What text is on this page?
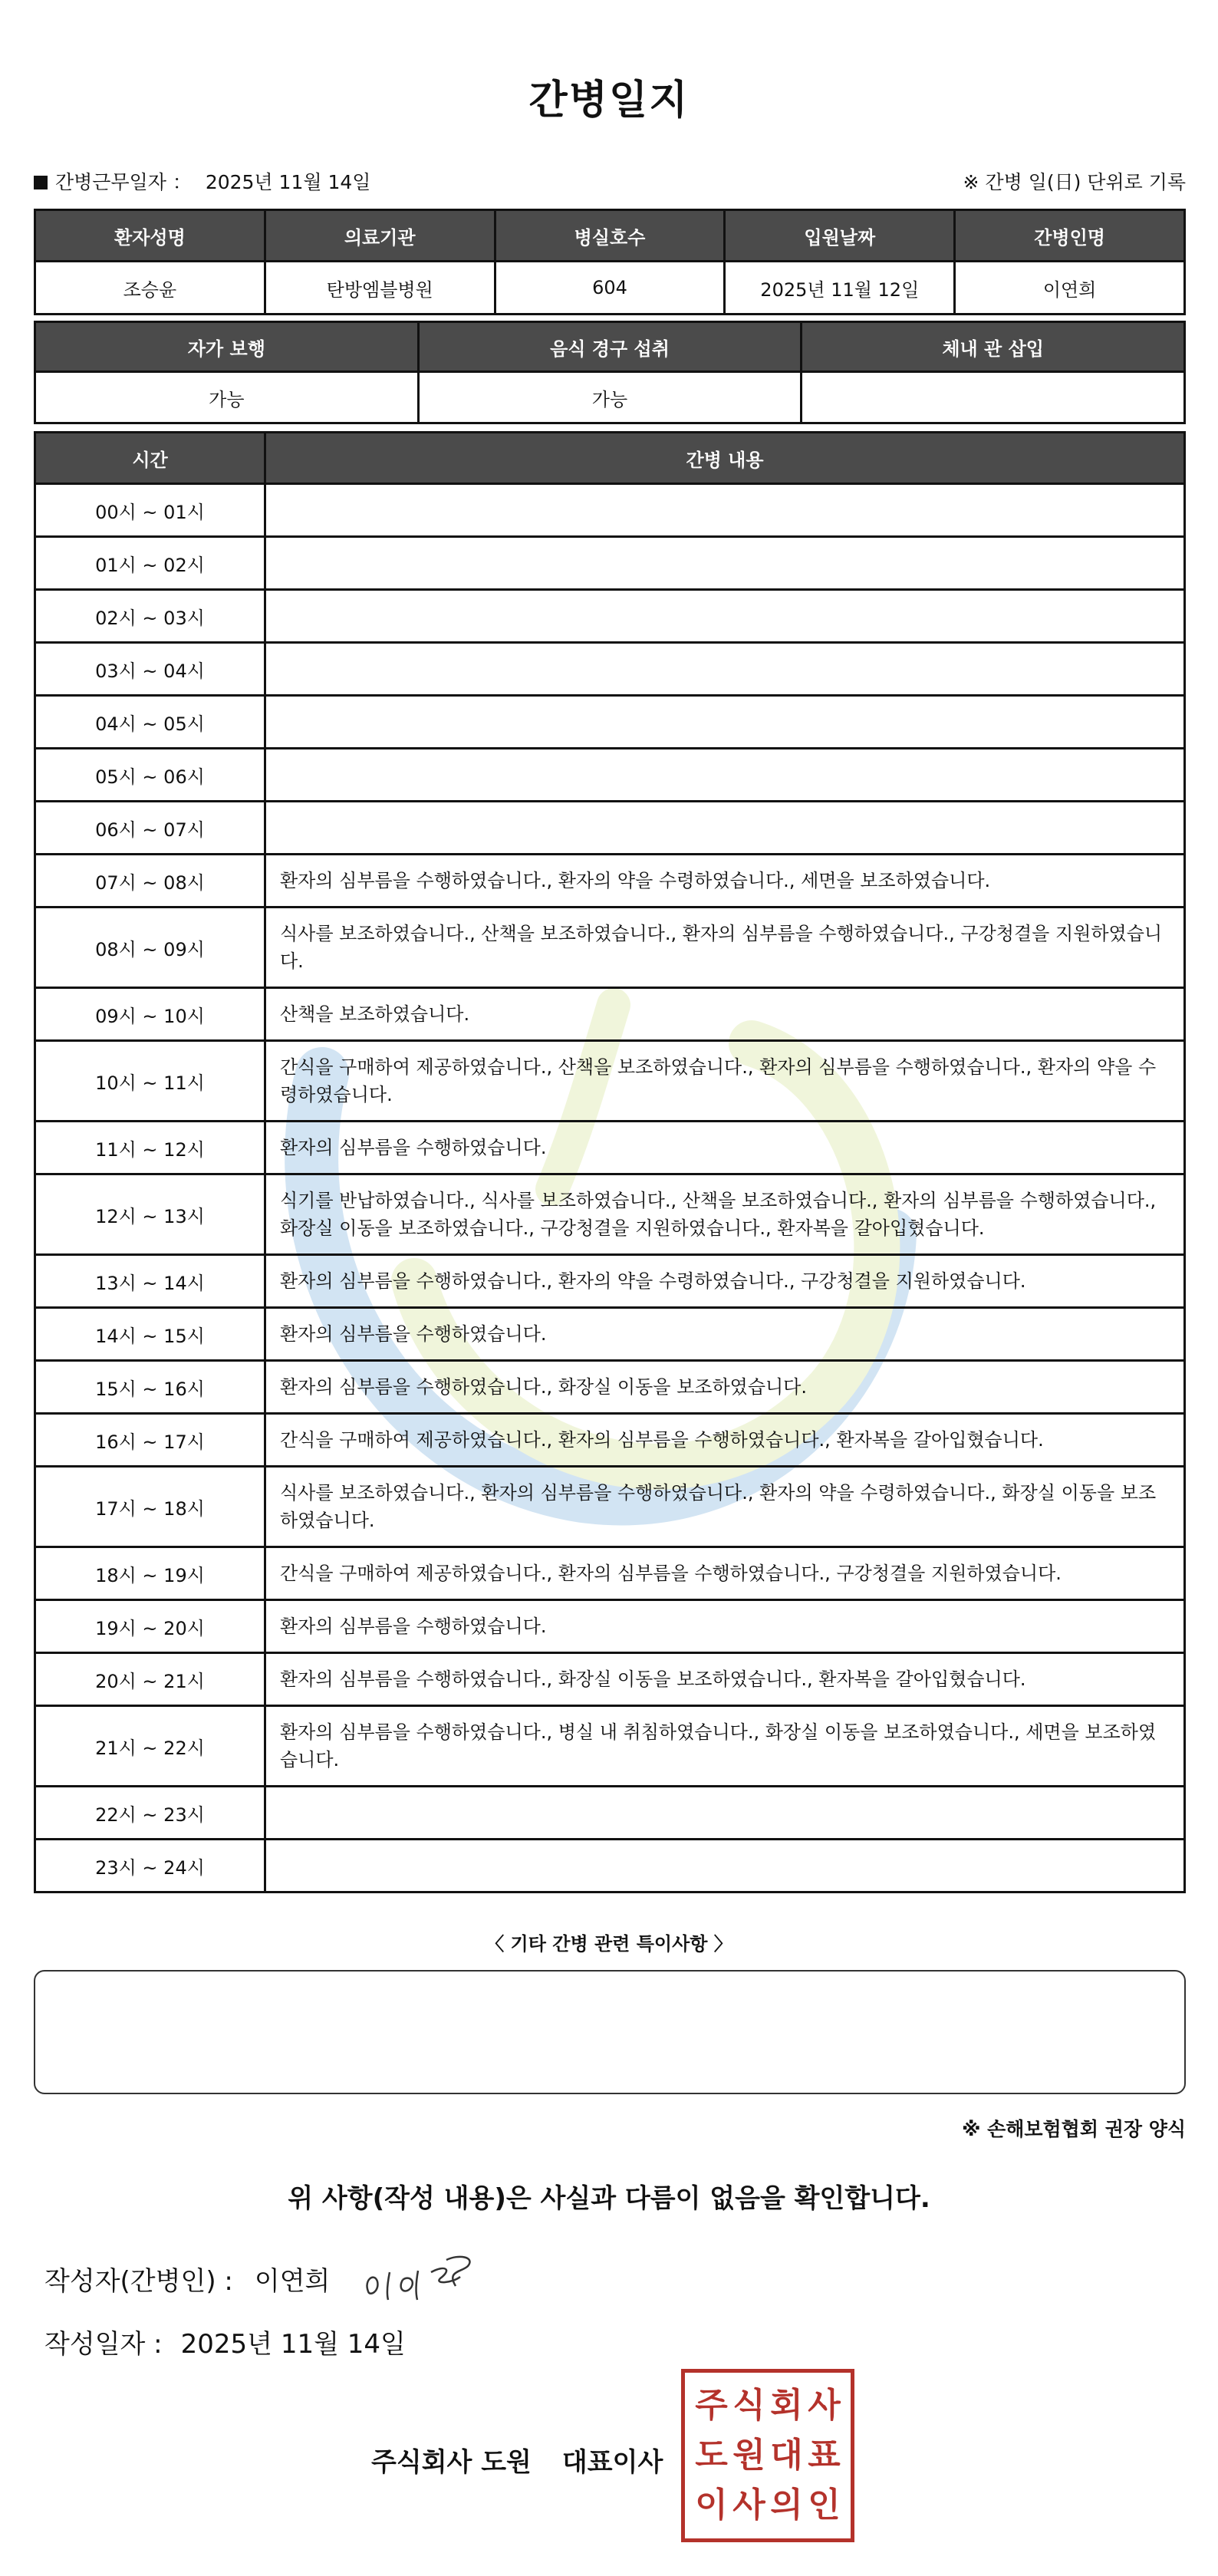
간병일지
간병근무일자 ： 2025년 11월 14일	※ 간병 일(日) 단위로 기록
환자성명	의료기관	병실호수	입원날짜	간병인명
조승윤	탄방엠블병원	604	2025년 11월 12일	이연희
자가 보행	음식 경구 섭취	체내 관 삽입
가능	가능	
시간	간병 내용
00시 ~ 01시	
01시 ~ 02시	
02시 ~ 03시	
03시 ~ 04시	
04시 ~ 05시	
05시 ~ 06시	
06시 ~ 07시	
07시 ~ 08시	환자의 심부름을 수행하였습니다., 환자의 약을 수령하였습니다., 세면을 보조하였습니다.
08시 ~ 09시	식사를 보조하였습니다., 산책을 보조하였습니다., 환자의 심부름을 수행하였습니다., 구강청결을 지원하였습니다.
09시 ~ 10시	산책을 보조하였습니다.
10시 ~ 11시	간식을 구매하여 제공하였습니다., 산책을 보조하였습니다., 환자의 심부름을 수행하였습니다., 환자의 약을 수령하였습니다.
11시 ~ 12시	환자의 심부름을 수행하였습니다.
12시 ~ 13시	식기를 반납하였습니다., 식사를 보조하였습니다., 산책을 보조하였습니다., 환자의 심부름을 수행하였습니다., 화장실 이동을 보조하였습니다., 구강청결을 지원하였습니다., 환자복을 갈아입혔습니다.
13시 ~ 14시	환자의 심부름을 수행하였습니다., 환자의 약을 수령하였습니다., 구강청결을 지원하였습니다.
14시 ~ 15시	환자의 심부름을 수행하였습니다.
15시 ~ 16시	환자의 심부름을 수행하였습니다., 화장실 이동을 보조하였습니다.
16시 ~ 17시	간식을 구매하여 제공하였습니다., 환자의 심부름을 수행하였습니다., 환자복을 갈아입혔습니다.
17시 ~ 18시	식사를 보조하였습니다., 환자의 심부름을 수행하였습니다., 환자의 약을 수령하였습니다., 화장실 이동을 보조하였습니다.
18시 ~ 19시	간식을 구매하여 제공하였습니다., 환자의 심부름을 수행하였습니다., 구강청결을 지원하였습니다.
19시 ~ 20시	환자의 심부름을 수행하였습니다.
20시 ~ 21시	환자의 심부름을 수행하였습니다., 화장실 이동을 보조하였습니다., 환자복을 갈아입혔습니다.
21시 ~ 22시	환자의 심부름을 수행하였습니다., 병실 내 취침하였습니다., 화장실 이동을 보조하였습니다., 세면을 보조하였습니다.
22시 ~ 23시	
23시 ~ 24시	
〈 기타 간병 관련 특이사항 〉
※ 손해보험협회 권장 양식
위 사항(작성 내용)은 사실과 다름이 없음을 확인합니다.
작성자(간병인) : 이연희
작성일자 : 2025년 11월 14일
주식회사 도원 대표이사
주 식 회 사
도 원 대 표
이 사 의 인
